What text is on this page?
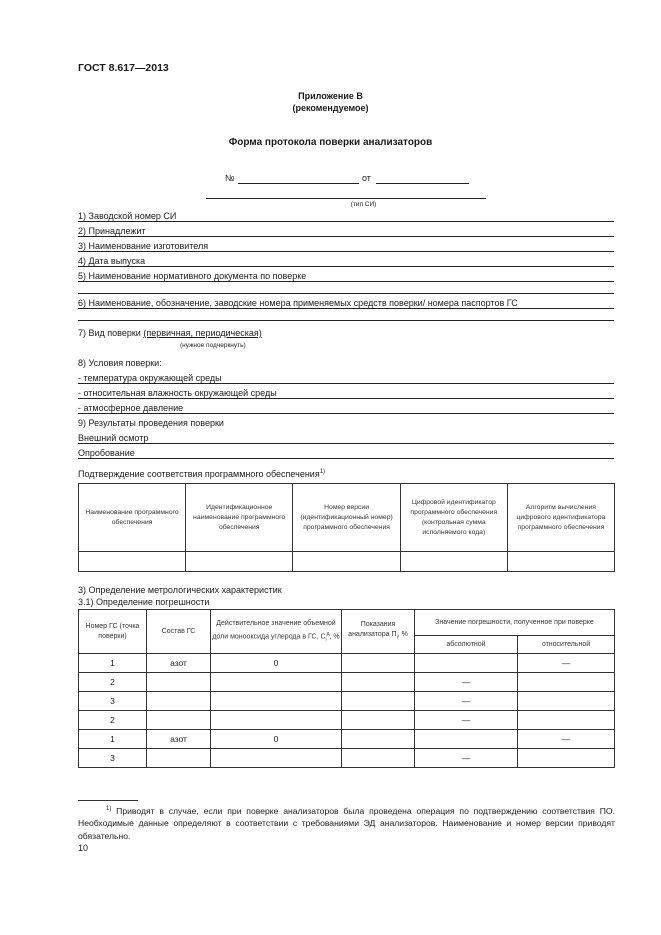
ГОСТ 8.617—2013
Приложение В
(рекомендуемое)
Форма протокола поверки анализаторов
№	от
(тип СИ)
1) Заводской номер СИ
2) Принадлежит
3) Наименование изготовителя
4) Дата выпуска
5) Наименование нормативного документа по поверке
6) Наименование, обозначение, заводские номера применяемых средств поверки/ номера паспортов ГС
7) Вид поверки (первичная, периодическая)
(нужное подчеркнуть)
8) Условия поверки:
- температура окружающей среды
- относительная влажность окружающей среды
- атмосферное давление
9) Результаты проведения поверки
Внешний осмотр
Опробование
Подтверждение соответствия программного обеспечения$^{1)}$
Наименование программного обеспечения	Идентификационное наименование программного обеспечения	Номер версии (идентификационный номер) программного обеспечения	Цифровой идентификатор программного обеспечения (контрольная сумма исполняемого кода)	Алгоритм вычисления цифрового идентификатора программного обеспечения

3) Определение метрологических характеристик
3.1) Определение погрешности
Номер ГС (точка поверки)	Состав ГС	Действительное значение объемной доли монооксида углерода в ГС, $C_i^д$, %	Показания анализатора $П_i$, %	Значение погрешности, полученное при поверке	
				абсолютной	относительной
1	азот	0			—
2				—	
3				—	
2				—	
1	азот	0			—
3				—	
$^{1)}$ Приводят в случае, если при поверке анализаторов была проведена операция по подтверждению соответствия ПО. Необходимые данные определяют в соответствии с требованиями ЭД анализаторов. Наименование и номер версии приводят обязательно.
10
